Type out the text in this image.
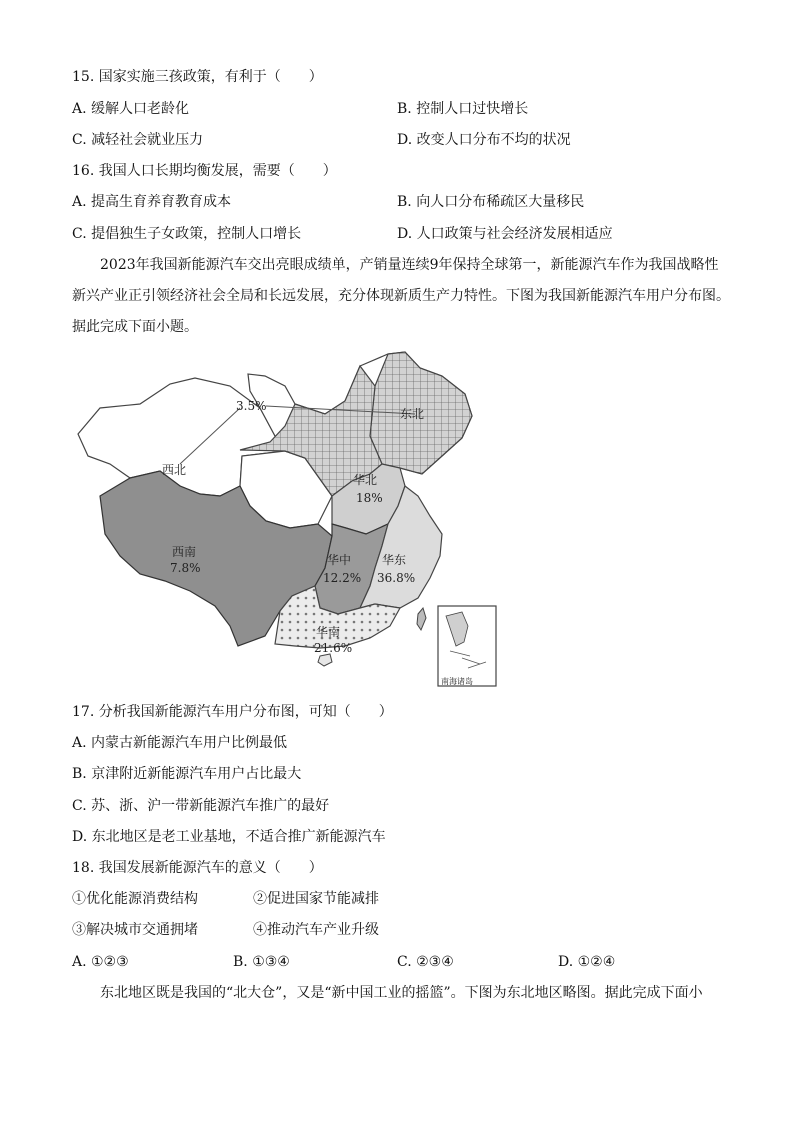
15. 国家实施三孩政策，有利于（　　）
A. 缓解人口老龄化	B. 控制人口过快增长
C. 减轻社会就业压力	D. 改变人口分布不均的状况
16. 我国人口长期均衡发展，需要（　　）
A. 提高生育养育教育成本	B. 向人口分布稀疏区大量移民
C. 提倡独生子女政策，控制人口增长	D. 人口政策与社会经济发展相适应
2023年我国新能源汽车交出亮眼成绩单，产销量连续9年保持全球第一，新能源汽车作为我国战略性新兴产业正引领经济社会全局和长远发展，充分体现新质生产力特性。下图为我国新能源汽车用户分布图。据此完成下面小题。
3.5%
东北
西北
华北
18%
西南
7.8%
华中
12.2%
华东
36.8%
华南
21.6%
南海诸岛
17. 分析我国新能源汽车用户分布图，可知（　　）
A. 内蒙古新能源汽车用户比例最低
B. 京津附近新能源汽车用户占比最大
C. 苏、浙、沪一带新能源汽车推广的最好
D. 东北地区是老工业基地，不适合推广新能源汽车
18. 我国发展新能源汽车的意义（　　）
①优化能源消费结构	②促进国家节能减排
③解决城市交通拥堵	④推动汽车产业升级
A. ①②③	B. ①③④	C. ②③④	D. ①②④
东北地区既是我国的“北大仓”，又是“新中国工业的摇篮”。下图为东北地区略图。据此完成下面小
